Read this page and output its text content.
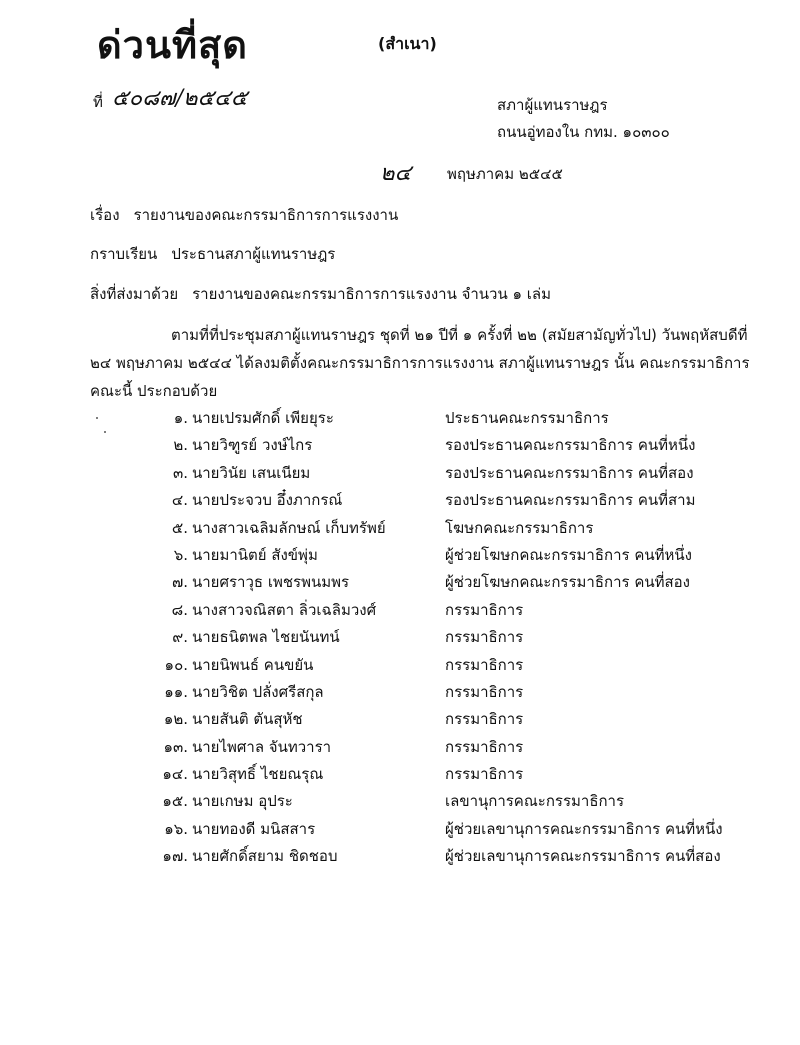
ด่วนที่สุด	(สำเนา)
ที่ ๕๐๘๗/๒๕๔๕	สภาผู้แทนราษฎร
ถนนอู่ทองใน กทม. ๑๐๓๐๐
๒๔ พฤษภาคม ๒๕๔๕
เรื่อง รายงานของคณะกรรมาธิการการแรงงาน
กราบเรียน ประธานสภาผู้แทนราษฎร
สิ่งที่ส่งมาด้วย รายงานของคณะกรรมาธิการการแรงงาน จำนวน ๑ เล่ม
ตามที่ที่ประชุมสภาผู้แทนราษฎร ชุดที่ ๒๑ ปีที่ ๑ ครั้งที่ ๒๒ (สมัยสามัญทั่วไป) วันพฤหัสบดีที่
๒๔ พฤษภาคม ๒๕๔๔ ได้ลงมติตั้งคณะกรรมาธิการการแรงงาน สภาผู้แทนราษฎร นั้น คณะกรรมาธิการ
คณะนี้ ประกอบด้วย
๑. นายเปรมศักดิ์ เพียยุระ	ประธานคณะกรรมาธิการ
๒. นายวิฑูรย์ วงษ์ไกร	รองประธานคณะกรรมาธิการ คนที่หนึ่ง
๓. นายวินัย เสนเนียม	รองประธานคณะกรรมาธิการ คนที่สอง
๔. นายประจวบ อึ๋งภากรณ์	รองประธานคณะกรรมาธิการ คนที่สาม
๕. นางสาวเฉลิมลักษณ์ เก็บทรัพย์	โฆษกคณะกรรมาธิการ
๖. นายมานิตย์ สังข์พุ่ม	ผู้ช่วยโฆษกคณะกรรมาธิการ คนที่หนึ่ง
๗. นายศราวุธ เพชรพนมพร	ผู้ช่วยโฆษกคณะกรรมาธิการ คนที่สอง
๘. นางสาวจณิสตา ลิ่วเฉลิมวงศ์	กรรมาธิการ
๙. นายธนิตพล ไชยนันทน์	กรรมาธิการ
๑๐. นายนิพนธ์ คนขยัน	กรรมาธิการ
๑๑. นายวิชิต ปลั่งศรีสกุล	กรรมาธิการ
๑๒. นายสันติ ตันสุหัช	กรรมาธิการ
๑๓. นายไพศาล จันทวารา	กรรมาธิการ
๑๔. นายวิสุทธิ์ ไชยณรุณ	กรรมาธิการ
๑๕. นายเกษม อุประ	เลขานุการคณะกรรมาธิการ
๑๖. นายทองดี มนิสสาร	ผู้ช่วยเลขานุการคณะกรรมาธิการ คนที่หนึ่ง
๑๗. นายศักดิ์สยาม ชิดชอบ	ผู้ช่วยเลขานุการคณะกรรมาธิการ คนที่สอง
